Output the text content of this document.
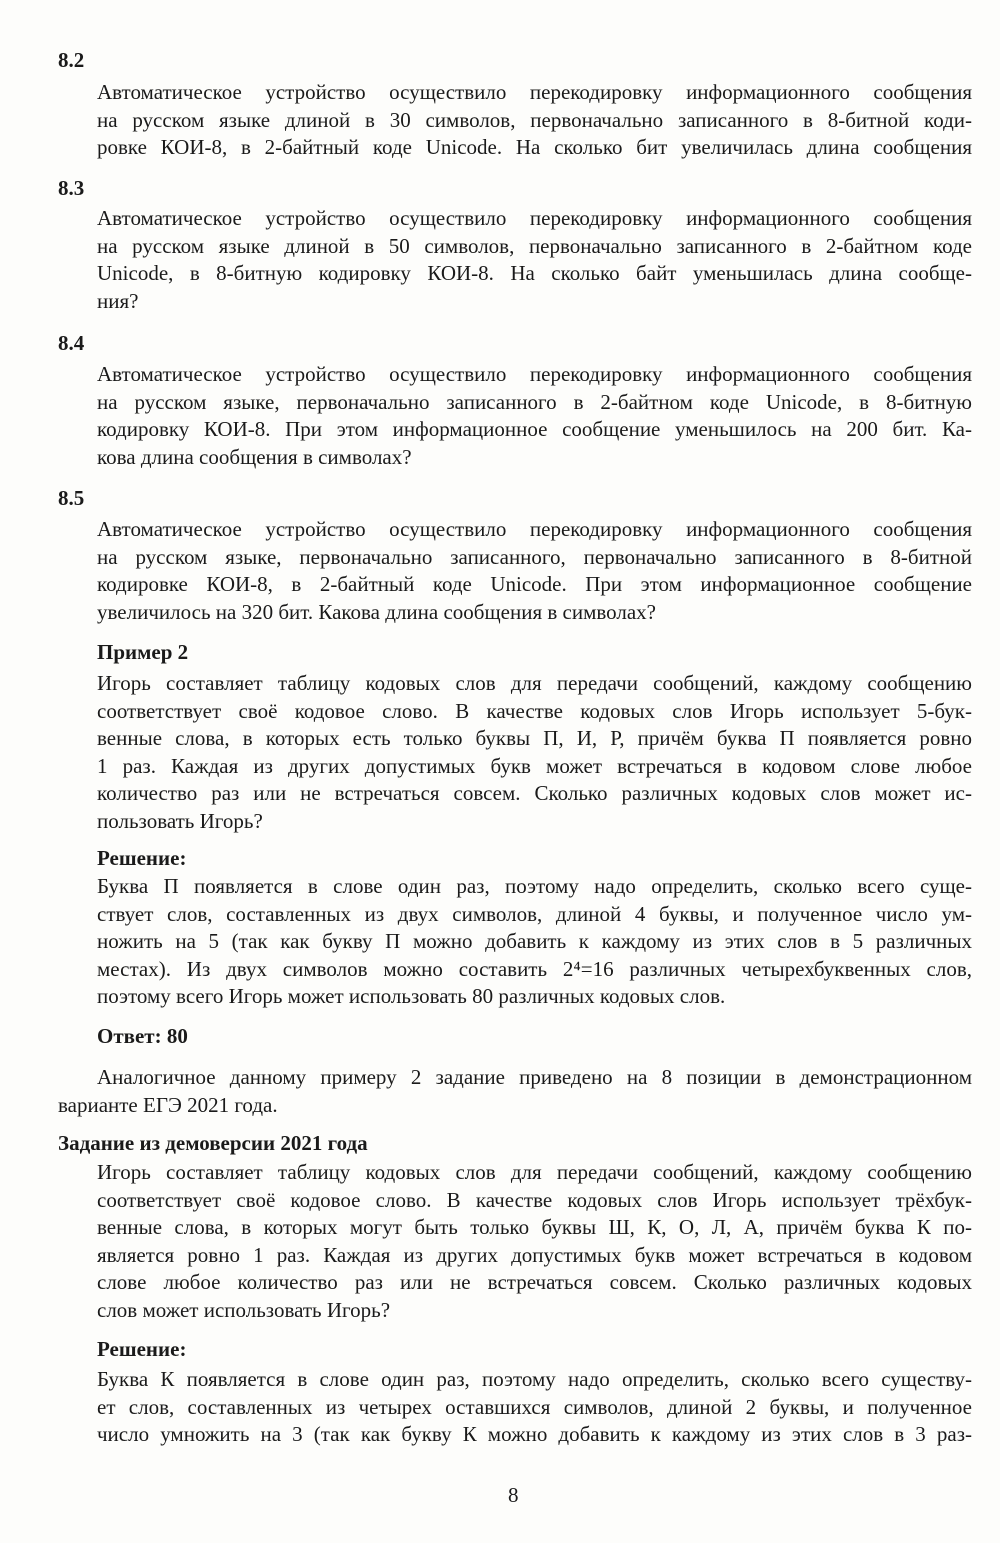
8.2
Автоматическое устройство осуществило перекодировку информационного сообщения
на русском языке длиной в 30 символов, первоначально записанного в 8-битной коди-
ровке КОИ-8, в 2-байтный коде Unicode. На сколько бит увеличилась длина сообщения
8.3
Автоматическое устройство осуществило перекодировку информационного сообщения
на русском языке длиной в 50 символов, первоначально записанного в 2-байтном коде
Unicode, в 8-битную кодировку КОИ-8. На сколько байт уменьшилась длина сообще-
ния?
8.4
Автоматическое устройство осуществило перекодировку информационного сообщения
на русском языке, первоначально записанного в 2-байтном коде Unicode, в 8-битную
кодировку КОИ-8. При этом информационное сообщение уменьшилось на 200 бит. Ка-
кова длина сообщения в символах?
8.5
Автоматическое устройство осуществило перекодировку информационного сообщения
на русском языке, первоначально записанного, первоначально записанного в 8-битной
кодировке КОИ-8, в 2-байтный коде Unicode. При этом информационное сообщение
увеличилось на 320 бит. Какова длина сообщения в символах?
Пример 2
Игорь составляет таблицу кодовых слов для передачи сообщений, каждому сообщению
соответствует своё кодовое слово. В качестве кодовых слов Игорь использует 5-бук-
венные слова, в которых есть только буквы П, И, Р, причём буква П появляется ровно
1 раз. Каждая из других допустимых букв может встречаться в кодовом слове любое
количество раз или не встречаться совсем. Сколько различных кодовых слов может ис-
пользовать Игорь?
Решение:
Буква П появляется в слове один раз, поэтому надо определить, сколько всего суще-
ствует слов, составленных из двух символов, длиной 4 буквы, и полученное число ум-
ножить на 5 (так как букву П можно добавить к каждому из этих слов в 5 различных
местах). Из двух символов можно составить 2⁴=16 различных четырехбуквенных слов,
поэтому всего Игорь может использовать 80 различных кодовых слов.
Ответ: 80
Аналогичное данному примеру 2 задание приведено на 8 позиции в демонстрационном
варианте ЕГЭ 2021 года.
Задание из демоверсии 2021 года
Игорь составляет таблицу кодовых слов для передачи сообщений, каждому сообщению
соответствует своё кодовое слово. В качестве кодовых слов Игорь использует трёхбук-
венные слова, в которых могут быть только буквы Ш, К, О, Л, А, причём буква К по-
является ровно 1 раз. Каждая из других допустимых букв может встречаться в кодовом
слове любое количество раз или не встречаться совсем. Сколько различных кодовых
слов может использовать Игорь?
Решение:
Буква К появляется в слове один раз, поэтому надо определить, сколько всего существу-
ет слов, составленных из четырех оставшихся символов, длиной 2 буквы, и полученное
число умножить на 3 (так как букву К можно добавить к каждому из этих слов в 3 раз-
8
